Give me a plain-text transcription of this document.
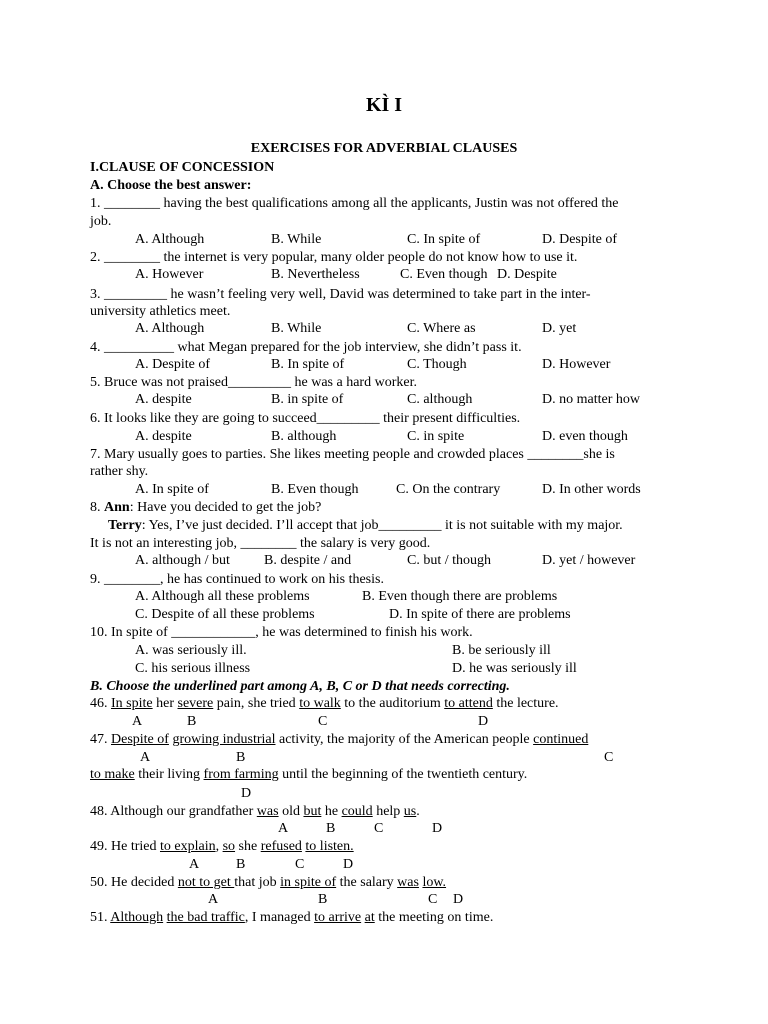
KÌ I
EXERCISES FOR ADVERBIAL CLAUSES
I.CLAUSE OF CONCESSION
A. Choose the best answer:
1. ________ having the best qualifications among all the applicants, Justin was not offered the
job.
A. Although	B. While	C. In spite of	D. Despite of
2. ________ the internet is very popular, many older people do not know how to use it.
A. However	B. Nevertheless	C. Even though D. Despite
3. _________ he wasn’t feeling very well, David was determined to take part in the inter-
university athletics meet.
A. Although	B. While	C. Where as	D. yet
4. __________ what Megan prepared for the job interview, she didn’t pass it.
A. Despite of	B. In spite of	C. Though	D. However
5. Bruce was not praised_________ he was a hard worker.
A. despite	B. in spite of	C. although	D. no matter how
6. It looks like they are going to succeed_________ their present difficulties.
A. despite	B. although	C. in spite	D. even though
7. Mary usually goes to parties. She likes meeting people and crowded places ________she is
rather shy.
A. In spite of	B. Even though	C. On the contrary	D. In other words
8. Ann: Have you decided to get the job?
Terry: Yes, I’ve just decided. I’ll accept that job_________ it is not suitable with my major.
It is not an interesting job, ________ the salary is very good.
A. although / but B. despite / and	C. but / though	D. yet / however
9. ________, he has continued to work on his thesis.
A. Although all these problems	B. Even though there are problems
C. Despite of all these problems	D. In spite of there are problems
10. In spite of ____________, he was determined to finish his work.
A. was seriously ill.	B. be seriously ill
C. his serious illness	D. he was seriously ill
B. Choose the underlined part among A, B, C or D that needs correcting.
46. In spite her severe pain, she tried to walk to the auditorium to attend the lecture.
A	B	C	D
47. Despite of growing industrial activity, the majority of the American people continued
A	B	C
to make their living from farming until the beginning of the twentieth century.
D
48. Although our grandfather was old but he could help us.
A	B	C	D
49. He tried to explain, so she refused to listen.
A	B	C	D
50. He decided not to get that job in spite of the salary was low.
A	B	C D
51. Although the bad traffic, I managed to arrive at the meeting on time.
